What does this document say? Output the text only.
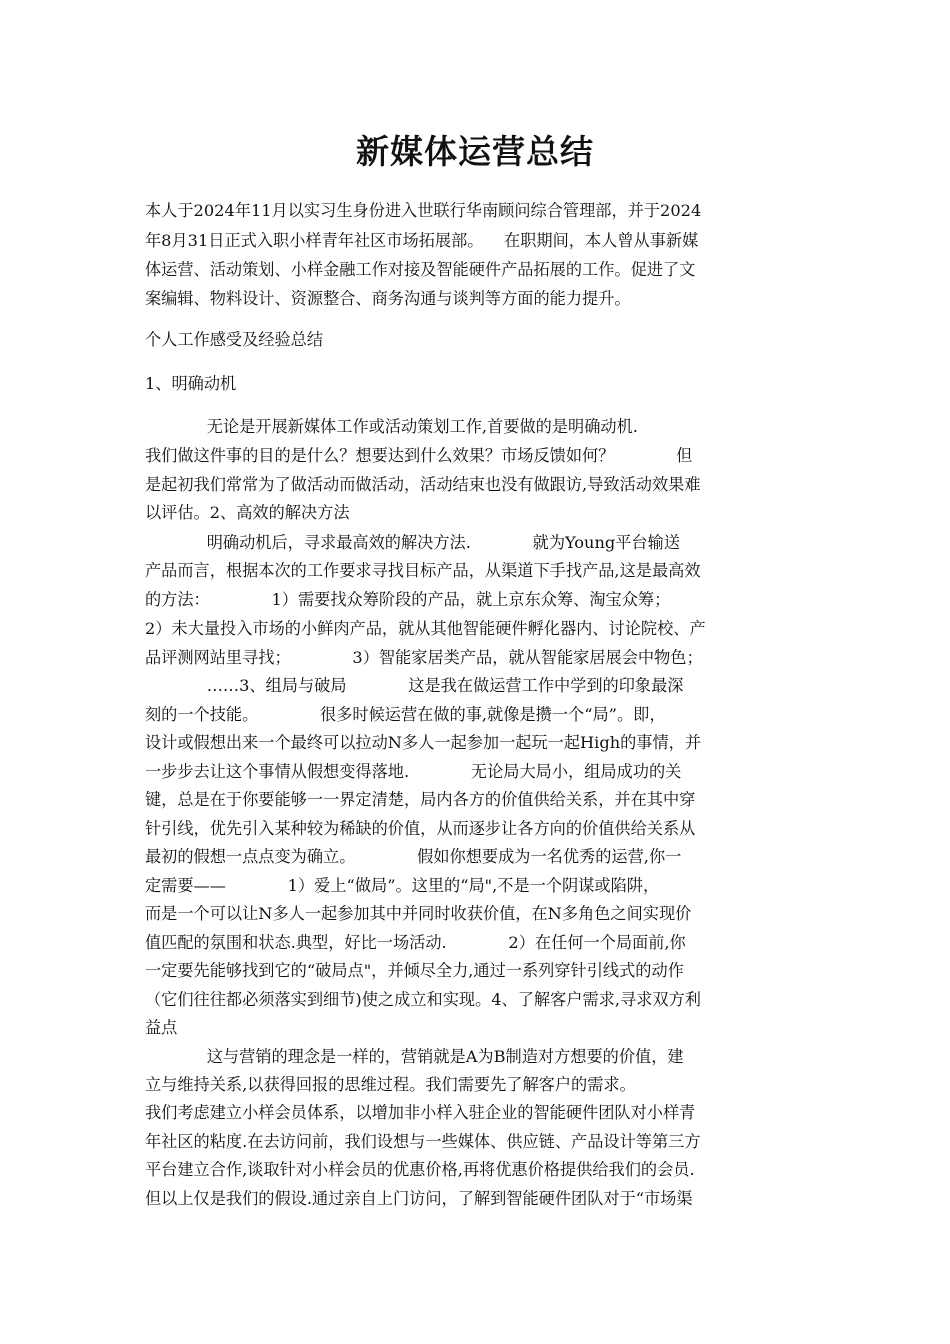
新媒体运营总结
本人于2024年11月以实习生身份进入世联行华南顾问综合管理部，并于2024
年8月31日正式入职小样青年社区市场拓展部。    在职期间，本人曾从事新媒
体运营、活动策划、小样金融工作对接及智能硬件产品拓展的工作。促进了文
案编辑、物料设计、资源整合、商务沟通与谈判等方面的能力提升。
个人工作感受及经验总结
1、明确动机
无论是开展新媒体工作或活动策划工作,首要做的是明确动机.
我们做这件事的目的是什么？想要达到什么效果？市场反馈如何？            但
是起初我们常常为了做活动而做活动，活动结束也没有做跟访,导致活动效果难
以评估。2、高效的解决方法
明确动机后，寻求最高效的解决方法.            就为Young平台输送
产品而言，根据本次的工作要求寻找目标产品，从渠道下手找产品,这是最高效
的方法：            1）需要找众筹阶段的产品，就上京东众筹、淘宝众筹；
2）未大量投入市场的小鲜肉产品，就从其他智能硬件孵化器内、讨论院校、产
品评测网站里寻找；            3）智能家居类产品，就从智能家居展会中物色；
……3、组局与破局            这是我在做运营工作中学到的印象最深
刻的一个技能。            很多时候运营在做的事,就像是攒一个“局”。即，
设计或假想出来一个最终可以拉动N多人一起参加一起玩一起High的事情，并
一步步去让这个事情从假想变得落地.            无论局大局小，组局成功的关
键，总是在于你要能够一一界定清楚，局内各方的价值供给关系，并在其中穿
针引线，优先引入某种较为稀缺的价值，从而逐步让各方向的价值供给关系从
最初的假想一点点变为确立。            假如你想要成为一名优秀的运营,你一
定需要——            1）爱上“做局”。这里的“局",不是一个阴谋或陷阱，
而是一个可以让N多人一起参加其中并同时收获价值，在N多角色之间实现价
值匹配的氛围和状态.典型，好比一场活动.            2）在任何一个局面前,你
一定要先能够找到它的“破局点"，并倾尽全力,通过一系列穿针引线式的动作
（它们往往都必须落实到细节)使之成立和实现。4、了解客户需求,寻求双方利
益点
这与营销的理念是一样的，营销就是A为B制造对方想要的价值，建
立与维持关系,以获得回报的思维过程。我们需要先了解客户的需求。
我们考虑建立小样会员体系，以增加非小样入驻企业的智能硬件团队对小样青
年社区的粘度.在去访问前，我们设想与一些媒体、供应链、产品设计等第三方
平台建立合作,谈取针对小样会员的优惠价格,再将优惠价格提供给我们的会员.
但以上仅是我们的假设.通过亲自上门访问，了解到智能硬件团队对于“市场渠
